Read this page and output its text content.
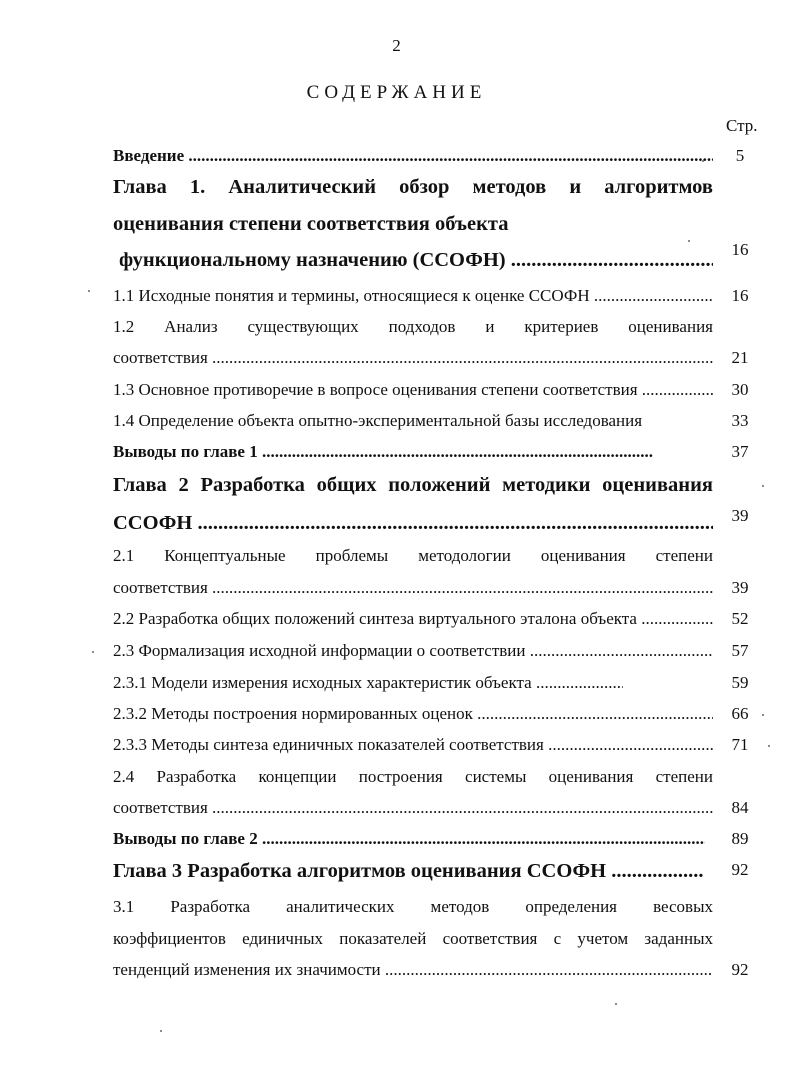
2
СОДЕРЖАНИЕ
Стр.
Введение .....	5
Глава 1. Аналитический обзор методов и алгоритмов
оценивания степени соответствия объекта
функциональному назначению (ССОФН) .....	16
1.1 Исходные понятия и термины, относящиеся к оценке ССОФН .....	16
1.2 Анализ существующих подходов и критериев оценивания
соответствия .....	21
1.3 Основное противоречие в вопросе оценивания степени соответствия .....	30
1.4 Определение объекта опытно-экспериментальной базы исследования	33
Выводы по главе 1 .....	37
Глава 2 Разработка общих положений методики оценивания
ССОФН .....	39
2.1 Концептуальные проблемы методологии оценивания степени
соответствия .....	39
2.2 Разработка общих положений синтеза виртуального эталона объекта .....	52
2.3 Формализация исходной информации о соответствии .....	57
2.3.1 Модели измерения исходных характеристик объекта .....	59
2.3.2 Методы построения нормированных оценок .....	66
2.3.3 Методы синтеза единичных показателей соответствия .....	71
2.4 Разработка концепции построения системы оценивания степени
соответствия .....	84
Выводы по главе 2 .....	89
Глава 3 Разработка алгоритмов оценивания ССОФН .....	92
3.1 Разработка аналитических методов определения весовых
коэффициентов единичных показателей соответствия с учетом заданных
тенденций изменения их значимости .....	92
